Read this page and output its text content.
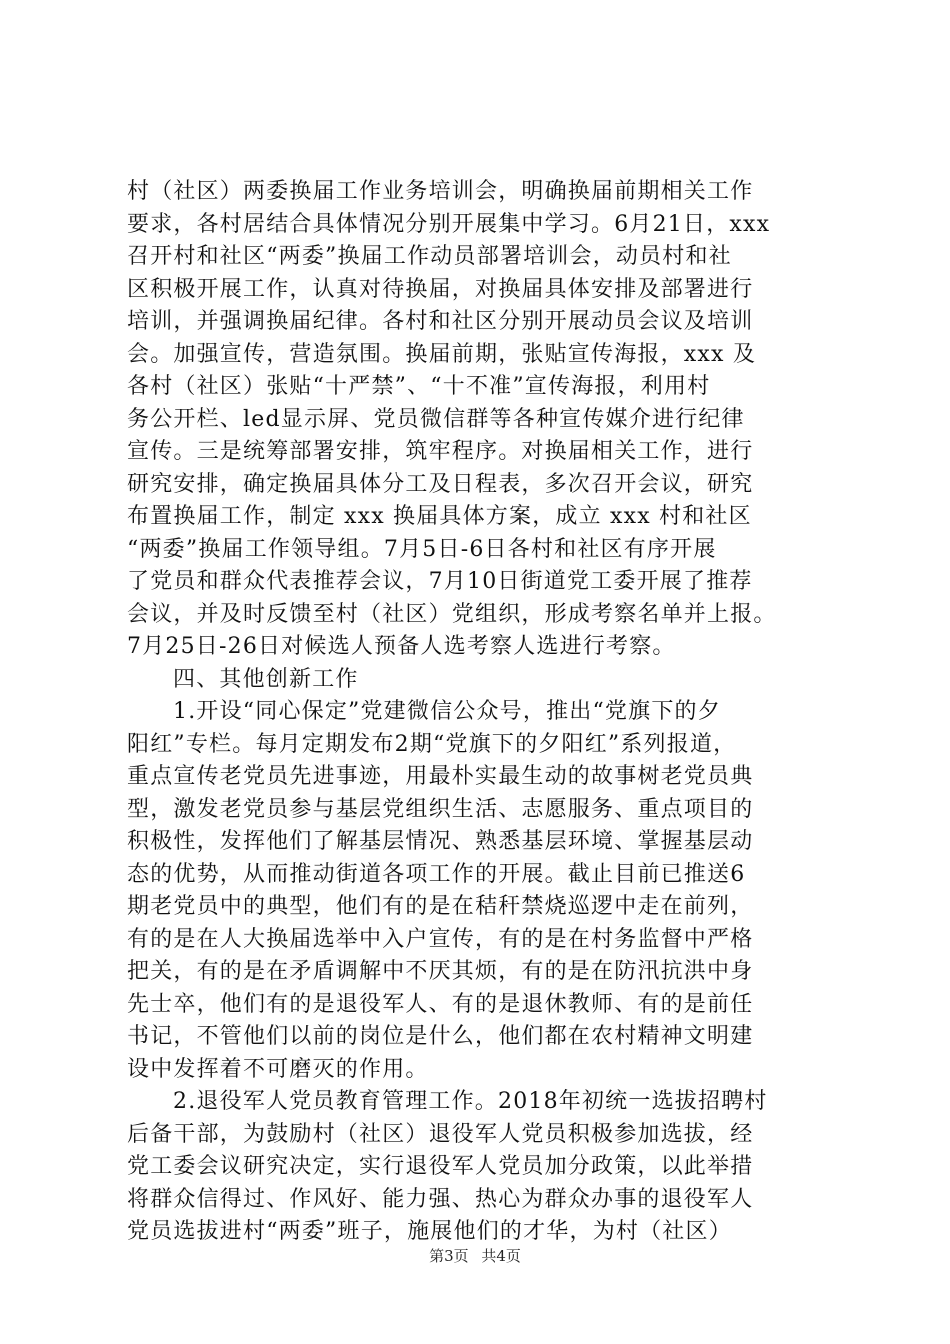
村（社区）两委换届工作业务培训会，明确换届前期相关工作
要求，各村居结合具体情况分别开展集中学习。6月21日，xxx
召开村和社区“两委”换届工作动员部署培训会，动员村和社
区积极开展工作，认真对待换届，对换届具体安排及部署进行
培训，并强调换届纪律。各村和社区分别开展动员会议及培训
会。加强宣传，营造氛围。换届前期，张贴宣传海报，xxx 及
各村（社区）张贴“十严禁”、“十不准”宣传海报，利用村
务公开栏、led显示屏、党员微信群等各种宣传媒介进行纪律
宣传。三是统筹部署安排，筑牢程序。对换届相关工作，进行
研究安排，确定换届具体分工及日程表，多次召开会议，研究
布置换届工作，制定 xxx 换届具体方案，成立 xxx 村和社区
“两委”换届工作领导组。7月5日-6日各村和社区有序开展
了党员和群众代表推荐会议，7月10日街道党工委开展了推荐
会议，并及时反馈至村（社区）党组织，形成考察名单并上报。
7月25日-26日对候选人预备人选考察人选进行考察。
四、其他创新工作
1.开设“同心保定”党建微信公众号，推出“党旗下的夕
阳红”专栏。每月定期发布2期“党旗下的夕阳红”系列报道，
重点宣传老党员先进事迹，用最朴实最生动的故事树老党员典
型，激发老党员参与基层党组织生活、志愿服务、重点项目的
积极性，发挥他们了解基层情况、熟悉基层环境、掌握基层动
态的优势，从而推动街道各项工作的开展。截止目前已推送6
期老党员中的典型，他们有的是在秸秆禁烧巡逻中走在前列，
有的是在人大换届选举中入户宣传，有的是在村务监督中严格
把关，有的是在矛盾调解中不厌其烦，有的是在防汛抗洪中身
先士卒，他们有的是退役军人、有的是退休教师、有的是前任
书记，不管他们以前的岗位是什么，他们都在农村精神文明建
设中发挥着不可磨灭的作用。
2.退役军人党员教育管理工作。2018年初统一选拔招聘村
后备干部，为鼓励村（社区）退役军人党员积极参加选拔，经
党工委会议研究决定，实行退役军人党员加分政策，以此举措
将群众信得过、作风好、能力强、热心为群众办事的退役军人
党员选拔进村“两委”班子，施展他们的才华，为村（社区）
第3页 共4页
